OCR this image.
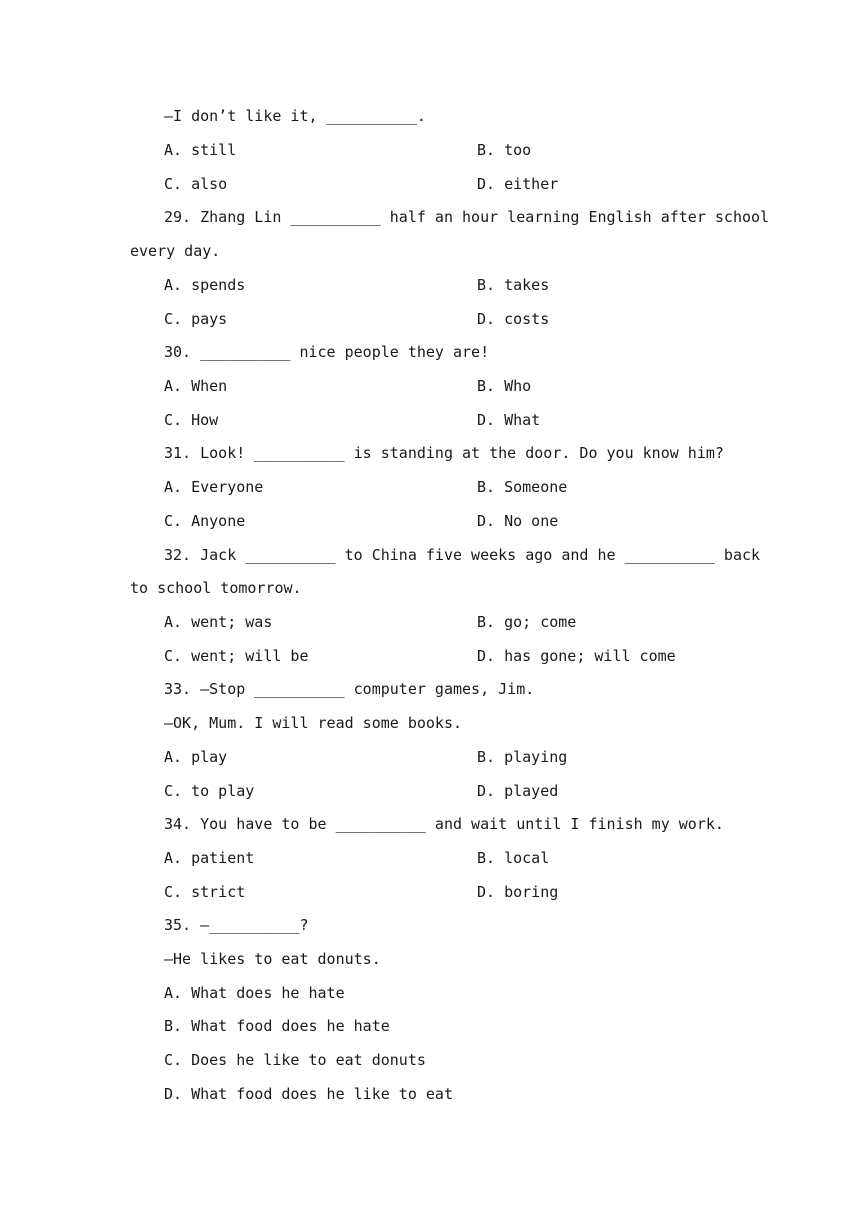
—I don’t like it, __________.
A. still	B. too
C. also	D. either
29. Zhang Lin __________ half an hour learning English after school
every day.
A. spends	B. takes
C. pays	D. costs
30. __________ nice people they are!
A. When	B. Who
C. How	D. What
31. Look! __________ is standing at the door. Do you know him?
A. Everyone	B. Someone
C. Anyone	D. No one
32. Jack __________ to China five weeks ago and he __________ back
to school tomorrow.
A. went; was	B. go; come
C. went; will be	D. has gone; will come
33. —Stop __________ computer games, Jim.
—OK, Mum. I will read some books.
A. play	B. playing
C. to play	D. played
34. You have to be __________ and wait until I finish my work.
A. patient	B. local
C. strict	D. boring
35. —__________?
—He likes to eat donuts.
A. What does he hate
B. What food does he hate
C. Does he like to eat donuts
D. What food does he like to eat
